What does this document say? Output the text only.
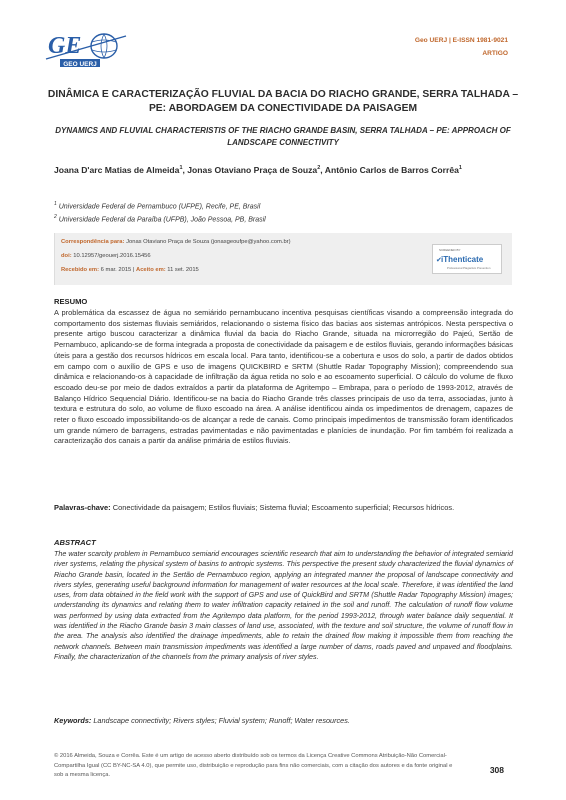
GE
GEO UERJ
Geo UERJ | E-ISSN 1981-9021
ARTIGO
DINÂMICA E CARACTERIZAÇÃO FLUVIAL DA BACIA DO RIACHO GRANDE, SERRA TALHADA – PE: ABORDAGEM DA CONECTIVIDADE DA PAISAGEM
DYNAMICS AND FLUVIAL CHARACTERISTIS OF THE RIACHO GRANDE BASIN, SERRA TALHADA – PE: APPROACH OF LANDSCAPE CONNECTIVITY
Joana D'arc Matias de Almeida$^1$, Jonas Otaviano Praça de Souza$^2$, Antônio Carlos de Barros Corrêa$^1$
$^1$ Universidade Federal de Pernambuco (UFPE), Recife, PE, Brasil
$^2$ Universidade Federal da Paraíba (UFPB), João Pessoa, PB, Brasil
Correspondência para: Jonas Otaviano Praça de Souza (jonasgeoufpe@yahoo.com.br)
doi: 10.12957/geouerj.2016.15456
Recebido em: 6 mar. 2015 | Aceito em: 11 set. 2015
SCREENED BY
✔ iThenticate
Professional Plagiarism Prevention
RESUMO
A problemática da escassez de água no semiárido pernambucano incentiva pesquisas científicas visando a compreensão integrada do comportamento dos sistemas fluviais semiáridos, relacionando o sistema físico das bacias aos sistemas antrópicos. Nesta perspectiva o presente artigo buscou caracterizar a dinâmica fluvial da bacia do Riacho Grande, situada na microrregião do Pajeú, Sertão de Pernambuco, aplicando-se de forma integrada a proposta de conectividade da paisagem e de estilos fluviais, gerando informações básicas úteis para a gestão dos recursos hídricos em escala local. Para tanto, identificou-se a cobertura e usos do solo, a partir de dados obtidos em campo com o auxílio de GPS e uso de imagens QUICKBIRD e SRTM (Shuttle Radar Topography Mission); compreendendo sua dinâmica e relacionando-os à capacidade de infiltração da água retida no solo e ao escoamento superficial. O cálculo do volume de fluxo escoado deu-se por meio de dados extraídos a partir da plataforma de Agritempo – Embrapa, para o período de 1993-2012, através de Balanço Hídrico Sequencial Diário. Identificou-se na bacia do Riacho Grande três classes principais de uso da terra, associadas, junto à textura e estrutura do solo, ao volume de fluxo escoado na área. A análise identificou ainda os impedimentos de drenagem, capazes de reter o fluxo escoado impossibilitando-os de alcançar a rede de canais. Como principais impedimentos de transmissão foram identificados um grande número de barragens, estradas pavimentadas e não pavimentadas e planícies de inundação. Por fim também foi realizada a caracterização dos canais a partir da análise primária de estilos fluviais.
Palavras-chave: Conectividade da paisagem; Estilos fluviais; Sistema fluvial; Escoamento superficial; Recursos hídricos.
ABSTRACT
The water scarcity problem in Pernambuco semiarid encourages scientific research that aim to understanding the behavior of integrated semiarid river systems, relating the physical system of basins to antropic systems. This perspective the present study characterized the fluvial dynamics of Riacho Grande basin, located in the Sertão de Pernambuco region, applying an integrated manner the proposal of landscape connectivity and rivers styles, generating useful background information for management of water resources at the local scale. Therefore, it was identified the land uses, from data obtained in the field work with the support of GPS and use of QuickBird and SRTM (Shuttle Radar Topography Mission) images; understanding its dynamics and relating them to water infiltration capacity retained in the soil and runoff. The calculation of runoff flow volume was performed by using data extracted from the Agritempo data platform, for the period 1993-2012, through water balance daily sequential. It was identified in the Riacho Grande basin 3 main classes of land use, associated, with the texture and soil structure, the volume of runoff flow in the area. The analysis also identified the drainage impediments, able to retain the drained flow making it impossible them from reaching the network channels. Between main transmission impediments was identified a large number of dams, roads paved and unpaved and floodplains. Finally, the characterization of the channels from the primary analysis of river styles.
Keywords: Landscape connectivity; Rivers styles; Fluvial system; Runoff; Water resources.
© 2016 Almeida, Souza e Corrêa. Este é um artigo de acesso aberto distribuído sob os termos da Licença Creative Commons Atribuição-Não Comercial-Compartilha Igual (CC BY-NC-SA 4.0), que permite uso, distribuição e reprodução para fins não comerciais, com a citação dos autores e da fonte original e sob a mesma licença.	308
